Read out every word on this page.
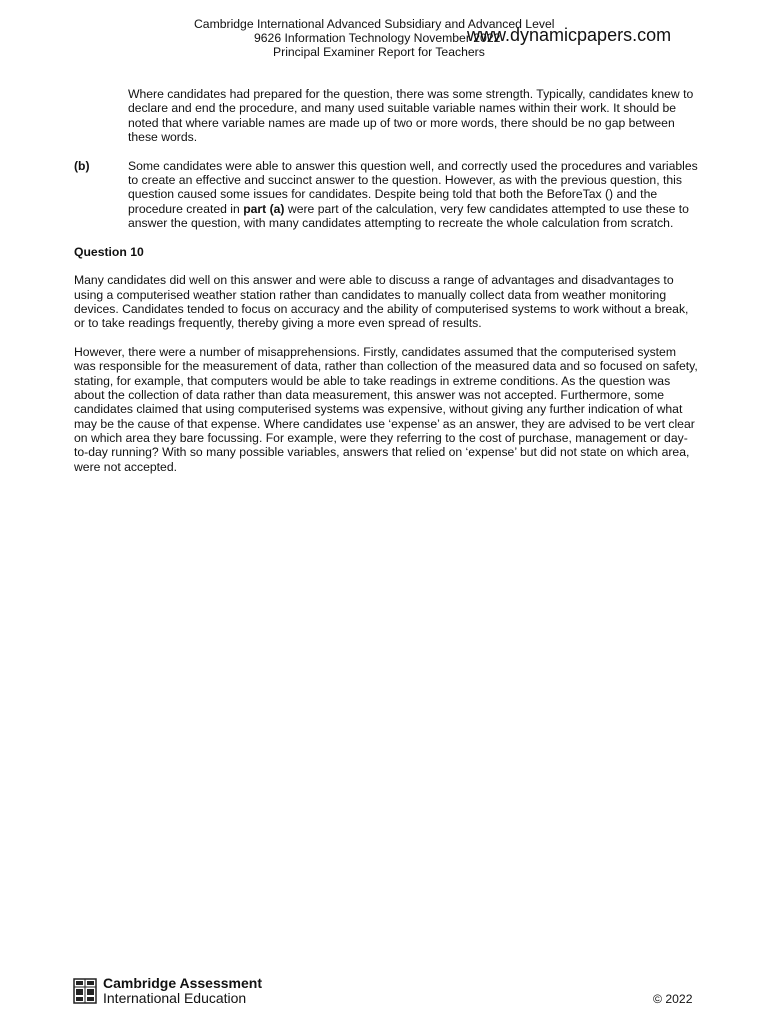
Cambridge International Advanced Subsidiary and Advanced Level
9626 Information Technology November 2022
Principal Examiner Report for Teachers
www.dynamicpapers.com

Where candidates had prepared for the question, there was some strength. Typically, candidates knew to declare and end the procedure, and many used suitable variable names within their work. It should be noted that where variable names are made up of two or more words, there should be no gap between these words.

(b)	Some candidates were able to answer this question well, and correctly used the procedures and variables to create an effective and succinct answer to the question. However, as with the previous question, this question caused some issues for candidates. Despite being told that both the BeforeTax () and the procedure created in part (a) were part of the calculation, very few candidates attempted to use these to answer the question, with many candidates attempting to recreate the whole calculation from scratch.

Question 10

Many candidates did well on this answer and were able to discuss a range of advantages and disadvantages to using a computerised weather station rather than candidates to manually collect data from weather monitoring devices. Candidates tended to focus on accuracy and the ability of computerised systems to work without a break, or to take readings frequently, thereby giving a more even spread of results.

However, there were a number of misapprehensions. Firstly, candidates assumed that the computerised system was responsible for the measurement of data, rather than collection of the measured data and so focused on safety, stating, for example, that computers would be able to take readings in extreme conditions. As the question was about the collection of data rather than data measurement, this answer was not accepted. Furthermore, some candidates claimed that using computerised systems was expensive, without giving any further indication of what may be the cause of that expense. Where candidates use ‘expense’ as an answer, they are advised to be vert clear on which area they bare focussing. For example, were they referring to the cost of purchase, management or day-to-day running? With so many possible variables, answers that relied on ‘expense’ but did not state on which area, were not accepted.

Cambridge Assessment
International Education	© 2022
